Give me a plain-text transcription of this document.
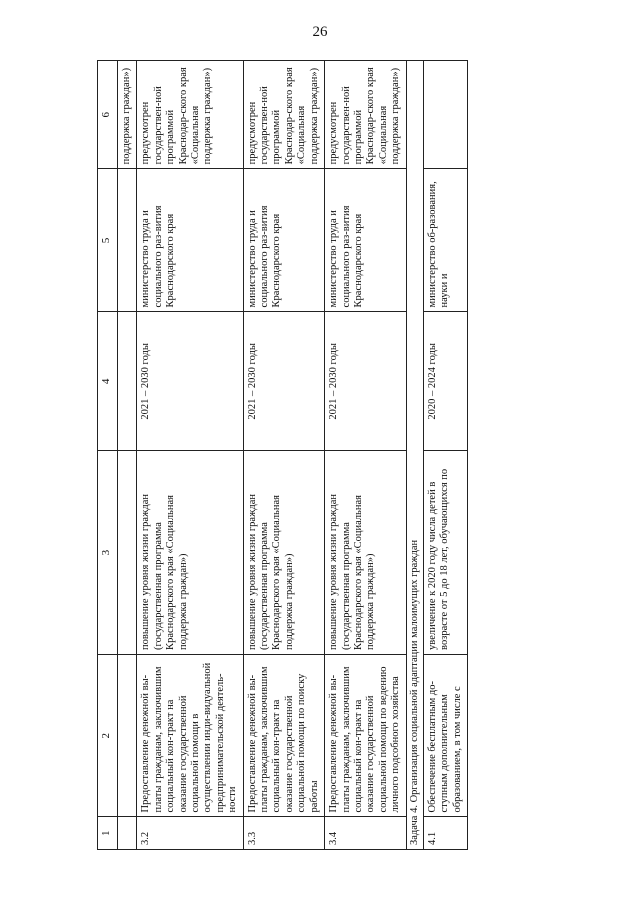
26
1	2	3	4	5	6
					поддержка граждан»)
3.2	Предоставление денежной вы-платы гражданам, заключившим социальный кон-тракт на оказание государственной социальной помощи в осуществлении инди-видуальной предпринимательской деятель-ности	повышение уровня жизни граждан (государственная программа Краснодарского края «Социальная поддержка граждан»)	2021 – 2030 годы	министерство труда и социального раз-вития Краснодарского края	предусмотрен государствен-ной программой Краснодар-ского края «Социальная поддержка граждан»)
3.3	Предоставление денежной вы-платы гражданам, заключившим социальный кон-тракт на оказание государственной социальной помощи по поиску работы	повышение уровня жизни граждан (государственная программа Краснодарского края «Социальная поддержка граждан»)	2021 – 2030 годы	министерство труда и социального раз-вития Краснодарского края	предусмотрен государствен-ной программой Краснодар-ского края «Социальная поддержка граждан»)
3.4	Предоставление денежной вы-платы гражданам, заключившим социальный кон-тракт на оказание государственной социальной помощи по ведению личного подсобного хозяйства	повышение уровня жизни граждан (государственная программа Краснодарского края «Социальная поддержка граждан»)	2021 – 2030 годы	министерство труда и социального раз-вития Краснодарского края	предусмотрен государствен-ной программой Краснодар-ского края «Социальная поддержка граждан»)
Задача 4. Организация социальной адаптации малоимущих граждан					
4.1	Обеспечение бесплатным до-ступным дополнительным образованием, в том числе с	увеличение к 2020 году числа детей в возрасте от 5 до 18 лет, обучающихся по	2020 – 2024 годы	министерство об-разования, науки и	
